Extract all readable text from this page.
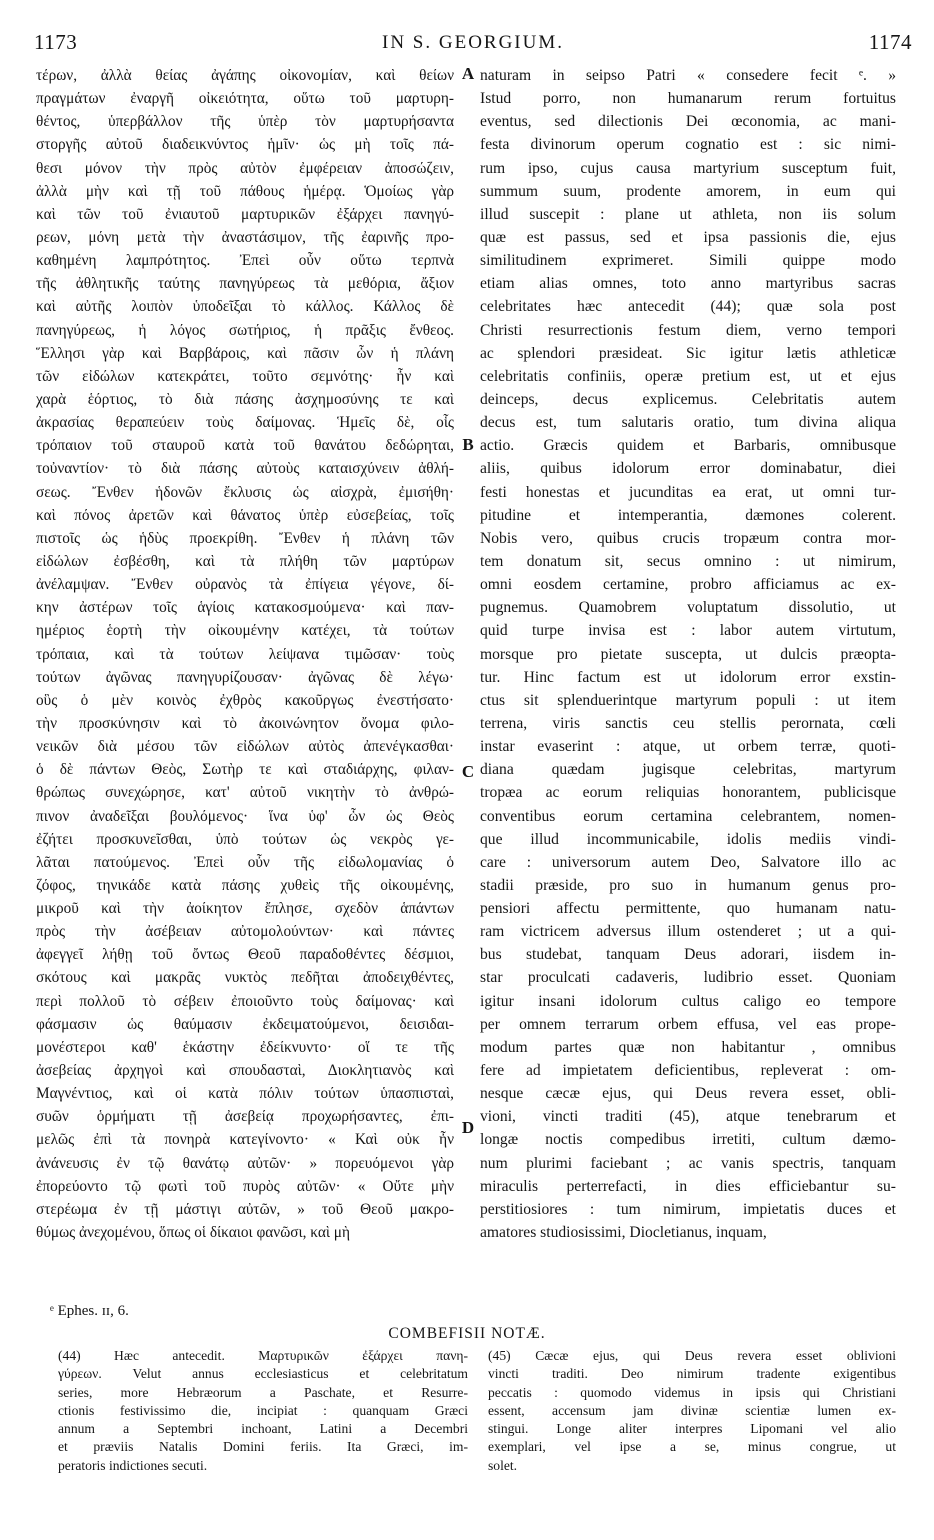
1173	IN S. GEORGIUM.	1174
τέρων, ἀλλὰ θείας ἀγάπης οἰκονομίαν, καὶ θείων
πραγμάτων ἐναργῆ οἰκειότητα, οὕτω τοῦ μαρτυρη-
θέντος, ὑπερβάλλον τῆς ὑπὲρ τὸν μαρτυρήσαντα
στοργῆς αὐτοῦ διαδεικνύντος ἡμῖν· ὡς μὴ τοῖς πά-
θεσι μόνον τὴν πρὸς αὐτὸν ἐμφέρειαν ἀποσώζειν,
ἀλλὰ μὴν καὶ τῇ τοῦ πάθους ἡμέρᾳ. Ὁμοίως γὰρ
καὶ τῶν τοῦ ἐνιαυτοῦ μαρτυρικῶν ἐξάρχει πανηγύ-
ρεων, μόνη μετὰ τὴν ἀναστάσιμον, τῆς ἐαρινῆς προ-
καθημένη λαμπρότητος. Ἐπεὶ οὖν οὕτω τερπνὰ
τῆς ἀθλητικῆς ταύτης πανηγύρεως τὰ μεθόρια, ἄξιον
καὶ αὐτῆς λοιπὸν ὑποδεῖξαι τὸ κάλλος. Κάλλος δὲ
πανηγύρεως, ἡ λόγος σωτήριος, ἡ πρᾶξις ἔνθεος.
Ἕλλησι γὰρ καὶ Βαρβάροις, καὶ πᾶσιν ὧν ἡ πλάνη
τῶν εἰδώλων κατεκράτει, τοῦτο σεμνότης· ἦν καὶ
χαρὰ ἑόρτιος, τὸ διὰ πάσης ἀσχημοσύνης τε καὶ
ἀκρασίας θεραπεύειν τοὺς δαίμονας. Ἡμεῖς δὲ, οἷς
τρόπαιον τοῦ σταυροῦ κατὰ τοῦ θανάτου δεδώρηται,
τοὐναντίον· τὸ διὰ πάσης αὐτοὺς καταισχύνειν ἀθλή-
σεως. Ἔνθεν ἡδονῶν ἔκλυσις ὡς αἰσχρὰ, ἐμισήθη·
καὶ πόνος ἀρετῶν καὶ θάνατος ὑπὲρ εὐσεβείας, τοῖς
πιστοῖς ὡς ἡδὺς προεκρίθη. Ἔνθεν ἡ πλάνη τῶν
εἰδώλων ἐσβέσθη, καὶ τὰ πλήθη τῶν μαρτύρων
ἀνέλαμψαν. Ἔνθεν οὐρανὸς τὰ ἐπίγεια γέγονε, δί-
κην ἀστέρων τοῖς ἁγίοις κατακοσμούμενα· καὶ παν-
ημέριος ἑορτὴ τὴν οἰκουμένην κατέχει, τὰ τούτων
τρόπαια, καὶ τὰ τούτων λείψανα τιμῶσαν· τοὺς
τούτων ἀγῶνας πανηγυρίζουσαν· ἀγῶνας δὲ λέγω·
οὓς ὁ μὲν κοινὸς ἐχθρὸς κακοῦργως ἐνεστήσατο·
τὴν προσκύνησιν καὶ τὸ ἀκοινώνητον ὄνομα φιλο-
νεικῶν διὰ μέσου τῶν εἰδώλων αὐτὸς ἀπενέγκασθαι·
ὁ δὲ πάντων Θεὸς, Σωτὴρ τε καὶ σταδιάρχης, φιλαν-
θρώπως συνεχώρησε, κατ' αὐτοῦ νικητὴν τὸ ἀνθρώ-
πινον ἀναδεῖξαι βουλόμενος· ἵνα ὑφ' ὧν ὡς Θεὸς
ἐζήτει προσκυνεῖσθαι, ὑπὸ τούτων ὡς νεκρὸς γε-
λᾶται πατούμενος. Ἐπεὶ οὖν τῆς εἰδωλομανίας ὁ
ζόφος, τηνικάδε κατὰ πάσης χυθεὶς τῆς οἰκουμένης,
μικροῦ καὶ τὴν ἀοίκητον ἔπλησε, σχεδὸν ἁπάντων
πρὸς τὴν ἀσέβειαν αὐτομολούντων· καὶ πάντες
ἀφεγγεῖ λήθῃ τοῦ ὄντως Θεοῦ παραδοθέντες δέσμιοι,
σκότους καὶ μακρᾶς νυκτὸς πεδῆται ἀποδειχθέντες,
περὶ πολλοῦ τὸ σέβειν ἐποιοῦντο τοὺς δαίμονας· καὶ
φάσμασιν ὡς θαύμασιν ἐκδειματούμενοι, δεισιδαι-
μονέστεροι καθ' ἑκάστην ἐδείκνυντο· οἵ τε τῆς
ἀσεβείας ἀρχηγοὶ καὶ σπουδασταὶ, Διοκλητιανὸς καὶ
Μαγνέντιος, καὶ οἱ κατὰ πόλιν τούτων ὑπασπισταὶ,
συῶν ὁρμήματι τῇ ἀσεβείᾳ προχωρήσαντες, ἐπι-
μελῶς ἐπὶ τὰ πονηρὰ κατεγίνοντο· « Καὶ οὐκ ἦν
ἀνάνευσις ἐν τῷ θανάτῳ αὐτῶν· » πορευόμενοι γὰρ
ἐπορεύοντο τῷ φωτὶ τοῦ πυρὸς αὐτῶν· « Οὔτε μὴν
στερέωμα ἐν τῇ μάστιγι αὐτῶν, » τοῦ Θεοῦ μακρο-
θύμως ἀνεχομένου, ὅπως οἱ δίκαιοι φανῶσι, καὶ μὴ
naturam in seipso Patri « consedere fecit ᵉ. »
Istud porro, non humanarum rerum fortuitus
eventus, sed dilectionis Dei œconomia, ac mani-
festa divinorum operum cognatio est : sic nimi-
rum ipso, cujus causa martyrium susceptum fuit,
summum suum, prodente amorem, in eum qui
illud suscepit : plane ut athleta, non iis solum
quæ est passus, sed et ipsa passionis die, ejus
similitudinem exprimeret. Simili quippe modo
etiam alias omnes, toto anno martyribus sacras
celebritates hæc antecedit (44); quæ sola post
Christi resurrectionis festum diem, verno tempori
ac splendori præsideat. Sic igitur lætis athleticæ
celebritatis confiniis, operæ pretium est, ut et ejus
deinceps, decus explicemus. Celebritatis autem
decus est, tum salutaris oratio, tum divina aliqua
actio. Græcis quidem et Barbaris, omnibusque
aliis, quibus idolorum error dominabatur, diei
festi honestas et jucunditas ea erat, ut omni tur-
pitudine et intemperantia, dæmones colerent.
Nobis vero, quibus crucis tropæum contra mor-
tem donatum sit, secus omnino : ut nimirum,
omni eosdem certamine, probro afficiamus ac ex-
pugnemus. Quamobrem voluptatum dissolutio, ut
quid turpe invisa est : labor autem virtutum,
morsque pro pietate suscepta, ut dulcis præopta-
tur. Hinc factum est ut idolorum error exstin-
ctus sit splenduerintque martyrum populi : ut item
terrena, viris sanctis ceu stellis perornata, cœli
instar evaserint : atque, ut orbem terræ, quoti-
diana quædam jugisque celebritas, martyrum
tropæa ac eorum reliquias honorantem, publicisque
conventibus eorum certamina celebrantem, nomen-
que illud incommunicabile, idolis mediis vindi-
care : universorum autem Deo, Salvatore illo ac
stadii præside, pro suo in humanum genus pro-
pensiori affectu permittente, quo humanam natu-
ram victricem adversus illum ostenderet ; ut a qui-
bus studebat, tanquam Deus adorari, iisdem in-
star proculcati cadaveris, ludibrio esset. Quoniam
igitur insani idolorum cultus caligo eo tempore
per omnem terrarum orbem effusa, vel eas prope-
modum partes quæ non habitantur , omnibus
fere ad impietatem deficientibus, repleverat : om-
nesque cæcæ ejus, qui Deus revera esset, obli-
vioni, vincti traditi (45), atque tenebrarum et
longæ noctis compedibus irretiti, cultum dæmo-
num plurimi faciebant ; ac vanis spectris, tanquam
miraculis perterrefacti, in dies efficiebantur su-
perstitiosiores : tum nimirum, impietatis duces et
amatores studiosissimi, Diocletianus, inquam,
A
B
C
D
ᵉ Ephes. ɪɪ, 6.
COMBEFISII NOTÆ.
(44) Hæc antecedit. Μαρτυρικῶν ἐξάρχει πανη-
γύρεων. Velut annus ecclesiasticus et celebritatum
series, more Hebræorum a Paschate, et Resurre-
ctionis festivissimo die, incipiat : quanquam Græci
annum a Septembri inchoant, Latini a Decembri
et præviis Natalis Domini feriis. Ita Græci, im-
peratoris indictiones secuti.
(45) Cæcæ ejus, qui Deus revera esset oblivioni
vincti traditi. Deo nimirum tradente exigentibus
peccatis : quomodo videmus in ipsis qui Christiani
essent, accensum jam divinæ scientiæ lumen ex-
stingui. Longe aliter interpres Lipomani vel alio
exemplari, vel ipse a se, minus congrue, ut
solet.
